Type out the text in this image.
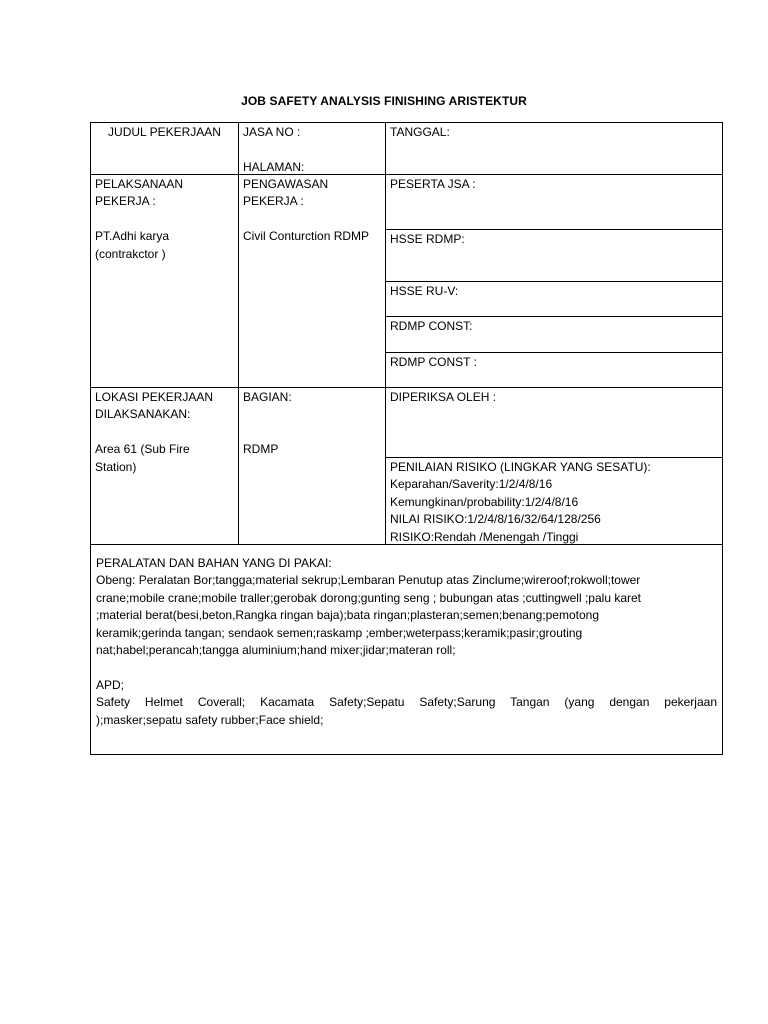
JOB SAFETY ANALYSIS FINISHING ARISTEKTUR

JUDUL PEKERJAAN	JASA NO :

HALAMAN:

TANGGAL:

PELAKSANAAN

PEKERJA :

PT.Adhi karya

(contrakctor )

PENGAWASAN

PEKERJA :

Civil Conturction RDMP

PESERTA JSA :

HSSE RDMP:

HSSE RU-V:

RDMP CONST:

RDMP CONST :

LOKASI PEKERJAAN

DILAKSANAKAN:

Area 61 (Sub Fire

Station)

BAGIAN:

RDMP

DIPERIKSA OLEH :

PENILAIAN RISIKO (LINGKAR YANG SESATU):

Keparahan/Saverity:1/2/4/8/16

Kemungkinan/probability:1/2/4/8/16

NILAI RISIKO:1/2/4/8/16/32/64/128/256

RISIKO:Rendah /Menengah /Tinggi

PERALATAN DAN BAHAN YANG DI PAKAI:

Obeng: Peralatan Bor;tangga;material sekrup;Lembaran Penutup atas Zinclume;wireroof;rokwoll;tower

crane;mobile crane;mobile traller;gerobak dorong;gunting seng ; bubungan atas ;cuttingwell ;palu karet

;material berat(besi,beton,Rangka ringan baja);bata ringan;plasteran;semen;benang;pemotong

keramik;gerinda tangan; sendaok semen;raskamp ;ember;weterpass;keramik;pasir;grouting

nat;habel;perancah;tangga aluminium;hand mixer;jidar;materan roll;

APD;

Safety Helmet Coverall; Kacamata Safety;Sepatu Safety;Sarung Tangan (yang dengan pekerjaan

);masker;sepatu safety rubber;Face shield;
